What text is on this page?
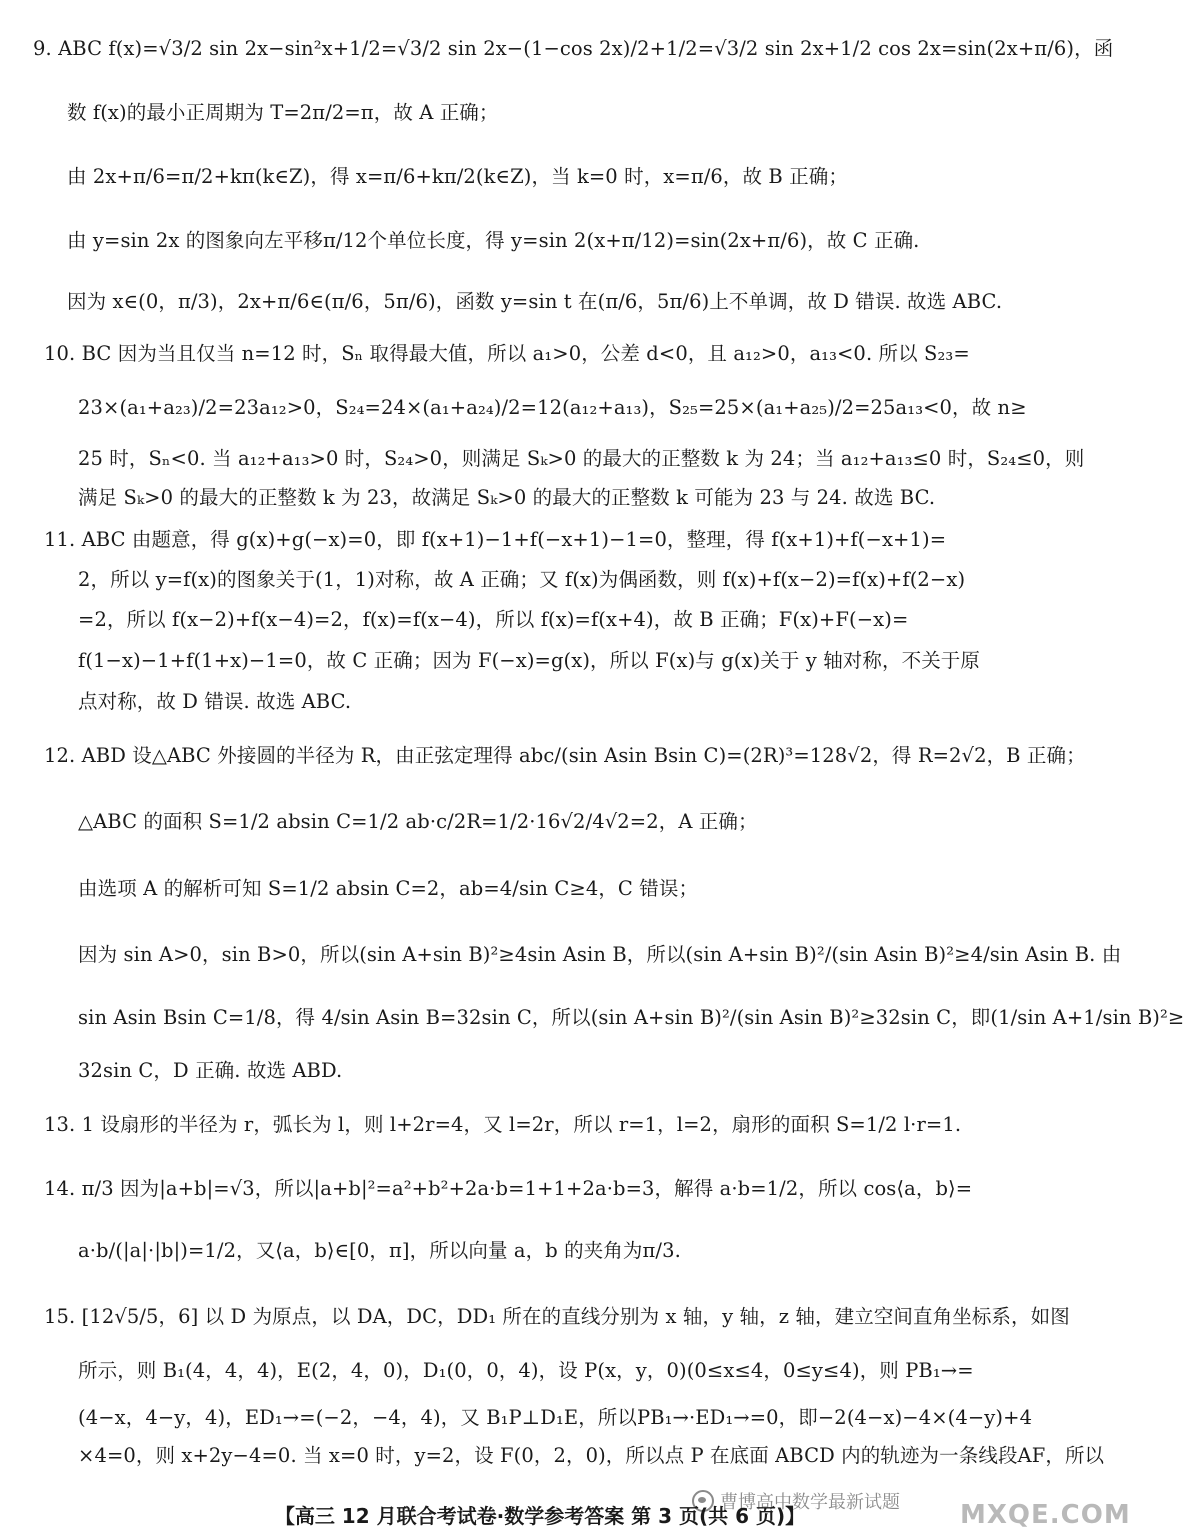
9. ABC f(x)=√3/2 sin 2x−sin²x+1/2=√3/2 sin 2x−(1−cos 2x)/2+1/2=√3/2 sin 2x+1/2 cos 2x=sin(2x+π/6)，函
数 f(x)的最小正周期为 T=2π/2=π，故 A 正确；
由 2x+π/6=π/2+kπ(k∈Z)，得 x=π/6+kπ/2(k∈Z)，当 k=0 时，x=π/6，故 B 正确；
由 y=sin 2x 的图象向左平移π/12个单位长度，得 y=sin 2(x+π/12)=sin(2x+π/6)，故 C 正确.
因为 x∈(0，π/3)，2x+π/6∈(π/6，5π/6)，函数 y=sin t 在(π/6，5π/6)上不单调，故 D 错误. 故选 ABC.
10. BC 因为当且仅当 n=12 时，Sₙ 取得最大值，所以 a₁>0，公差 d<0，且 a₁₂>0，a₁₃<0. 所以 S₂₃=
23×(a₁+a₂₃)/2=23a₁₂>0，S₂₄=24×(a₁+a₂₄)/2=12(a₁₂+a₁₃)，S₂₅=25×(a₁+a₂₅)/2=25a₁₃<0，故 n≥
25 时，Sₙ<0. 当 a₁₂+a₁₃>0 时，S₂₄>0，则满足 Sₖ>0 的最大的正整数 k 为 24；当 a₁₂+a₁₃≤0 时，S₂₄≤0，则
满足 Sₖ>0 的最大的正整数 k 为 23，故满足 Sₖ>0 的最大的正整数 k 可能为 23 与 24. 故选 BC.
11. ABC 由题意，得 g(x)+g(−x)=0，即 f(x+1)−1+f(−x+1)−1=0，整理，得 f(x+1)+f(−x+1)=
2，所以 y=f(x)的图象关于(1，1)对称，故 A 正确；又 f(x)为偶函数，则 f(x)+f(x−2)=f(x)+f(2−x)
=2，所以 f(x−2)+f(x−4)=2，f(x)=f(x−4)，所以 f(x)=f(x+4)，故 B 正确；F(x)+F(−x)=
f(1−x)−1+f(1+x)−1=0，故 C 正确；因为 F(−x)=g(x)，所以 F(x)与 g(x)关于 y 轴对称，不关于原
点对称，故 D 错误. 故选 ABC.
12. ABD 设△ABC 外接圆的半径为 R，由正弦定理得 abc/(sin Asin Bsin C)=(2R)³=128√2，得 R=2√2，B 正确；
△ABC 的面积 S=1/2 absin C=1/2 ab·c/2R=1/2·16√2/4√2=2，A 正确；
由选项 A 的解析可知 S=1/2 absin C=2，ab=4/sin C≥4，C 错误；
因为 sin A>0，sin B>0，所以(sin A+sin B)²≥4sin Asin B，所以(sin A+sin B)²/(sin Asin B)²≥4/sin Asin B. 由
sin Asin Bsin C=1/8，得 4/sin Asin B=32sin C，所以(sin A+sin B)²/(sin Asin B)²≥32sin C，即(1/sin A+1/sin B)²≥
32sin C，D 正确. 故选 ABD.
13. 1 设扇形的半径为 r，弧长为 l，则 l+2r=4，又 l=2r，所以 r=1，l=2，扇形的面积 S=1/2 l·r=1.
14. π/3 因为|a+b|=√3，所以|a+b|²=a²+b²+2a·b=1+1+2a·b=3，解得 a·b=1/2，所以 cos⟨a，b⟩=
a·b/(|a|·|b|)=1/2，又⟨a，b⟩∈[0，π]，所以向量 a，b 的夹角为π/3.
15. [12√5/5，6] 以 D 为原点，以 DA，DC，DD₁ 所在的直线分别为 x 轴，y 轴，z 轴，建立空间直角坐标系，如图
所示，则 B₁(4，4，4)，E(2，4，0)，D₁(0，0，4)，设 P(x，y，0)(0≤x≤4，0≤y≤4)，则 PB₁→=
(4−x，4−y，4)，ED₁→=(−2，−4，4)，又 B₁P⊥D₁E，所以PB₁→·ED₁→=0，即−2(4−x)−4×(4−y)+4
×4=0，则 x+2y−4=0. 当 x=0 时，y=2，设 F(0，2，0)，所以点 P 在底面 ABCD 内的轨迹为一条线段AF，所以
曹博高中数学最新试题
【高三 12 月联合考试卷·数学参考答案 第 3 页(共 6 页)】	MXQE.COM
